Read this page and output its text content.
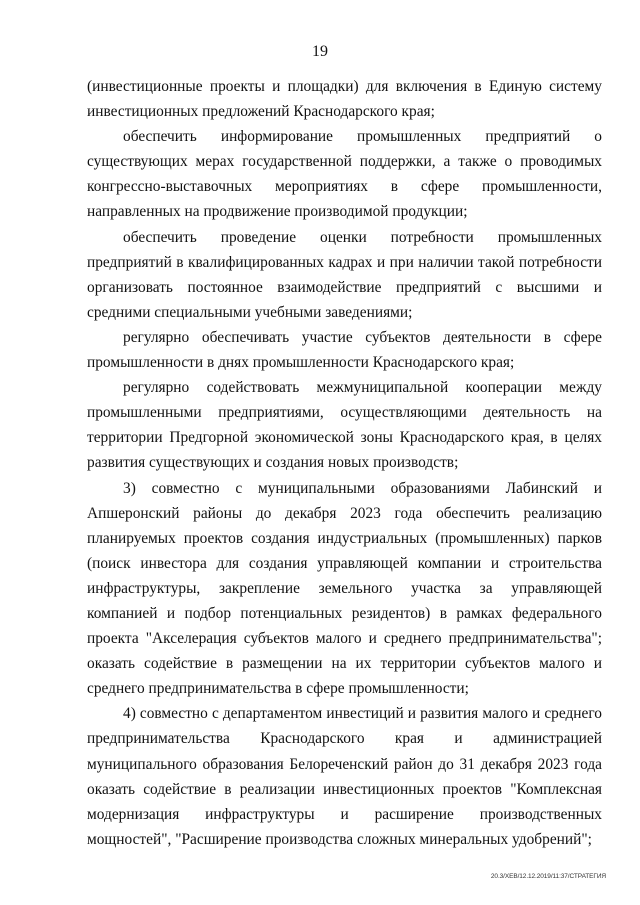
19

(инвестиционные проекты и площадки) для включения в Единую систему инвестиционных предложений Краснодарского края;

обеспечить информирование промышленных предприятий о существующих мерах государственной поддержки, а также о проводимых конгрессно-выставочных мероприятиях в сфере промышленности, направленных на продвижение производимой продукции;

обеспечить проведение оценки потребности промышленных предприятий в квалифицированных кадрах и при наличии такой потребности организовать постоянное взаимодействие предприятий с высшими и средними специальными учебными заведениями;

регулярно обеспечивать участие субъектов деятельности в сфере промышленности в днях промышленности Краснодарского края;

регулярно содействовать межмуниципальной кооперации между промышленными предприятиями, осуществляющими деятельность на территории Предгорной экономической зоны Краснодарского края, в целях развития существующих и создания новых производств;

3) совместно с муниципальными образованиями Лабинский и Апшеронский районы до декабря 2023 года обеспечить реализацию планируемых проектов создания индустриальных (промышленных) парков (поиск инвестора для создания управляющей компании и строительства инфраструктуры, закрепление земельного участка за управляющей компанией и подбор потенциальных резидентов) в рамках федерального проекта "Акселерация субъектов малого и среднего предпринимательства"; оказать содействие в размещении на их территории субъектов малого и среднего предпринимательства в сфере промышленности;

4) совместно с департаментом инвестиций и развития малого и среднего предпринимательства Краснодарского края и администрацией муниципального образования Белореченский район до 31 декабря 2023 года оказать содействие в реализации инвестиционных проектов "Комплексная модернизация инфраструктуры и расширение производственных мощностей", "Расширение производства сложных минеральных удобрений";

20.3/ХЕВ/12.12.2019/11:37/СТРАТЕГИЯ
